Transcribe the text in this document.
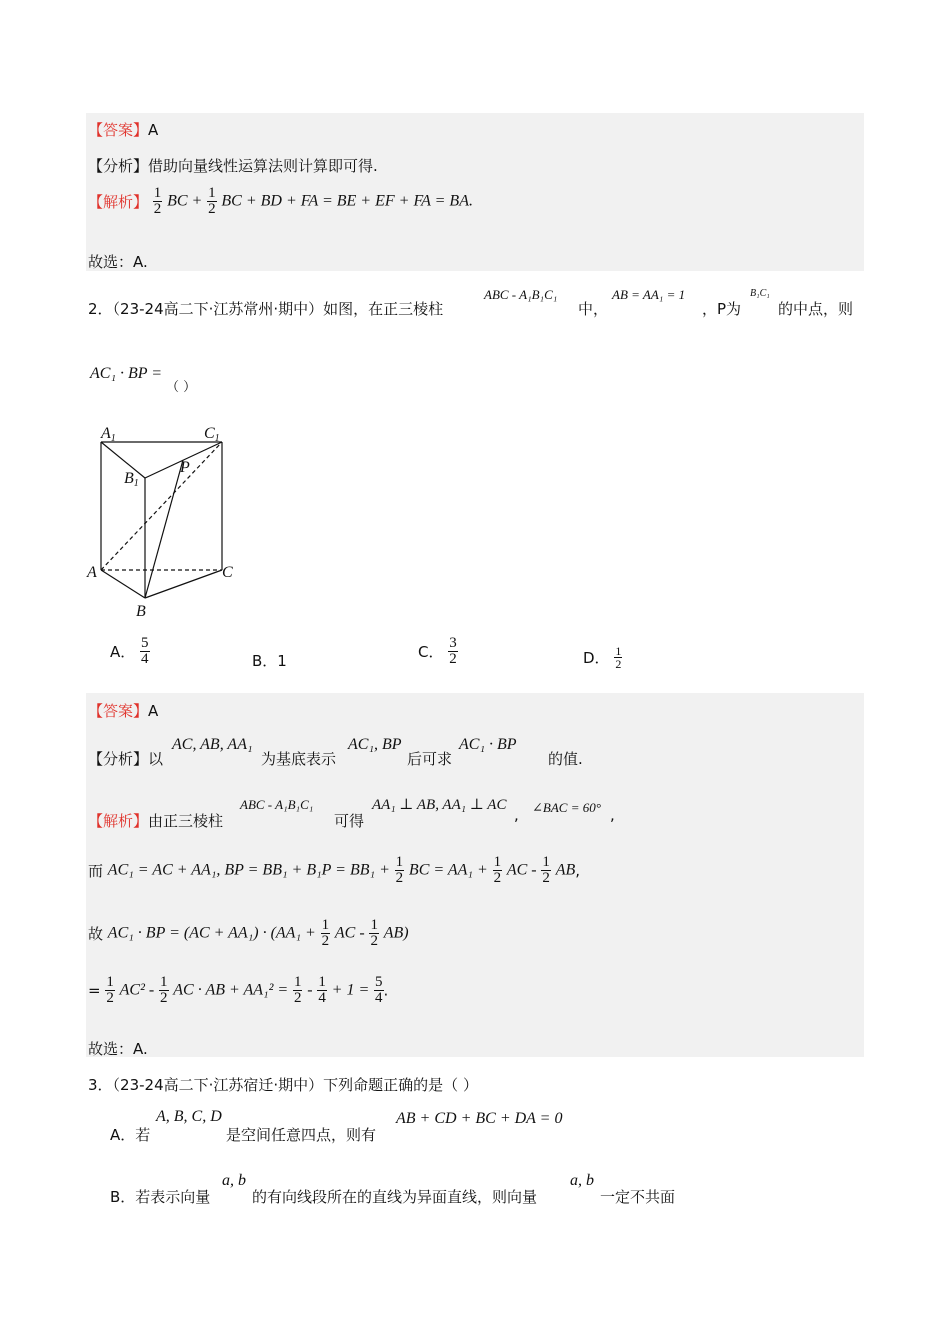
【答案】A
【分析】借助向量线性运算法则计算即可得.
【解析】 $\frac{1}{2}$ BC + $\frac{1}{2}$ BC + BD + FA = BE + EF + FA = BA.
故选：A.
2．（23-24高二下·江苏常州·期中）如图，在正三棱柱
ABC - A₁B₁C₁
中，
AB = AA₁ = 1
，P为
B₁C₁
的中点，则
AC₁ · BP =
（ ）
A1	C1
B1
P
A	C
B
A． $\frac{5}{4}$	B．1	C． $\frac{3}{2}$	D． $\frac{1}{2}$
【答案】A
【分析】以
AC, AB, AA₁
为基底表示
AC₁, BP
后可求
AC₁ · BP
的值.
【解析】由正三棱柱
ABC - A₁B₁C₁
可得
AA₁ ⊥ AB, AA₁ ⊥ AC
, ∠BAC = 60° ,
而 AC₁ = AC + AA₁, BP = $BB_1 + B_1P = BB_1 + \frac{1}{2}$ BC = $AA_1 + \frac{1}{2}$ AC - $\frac{1}{2}$ AB,
故 AC₁ · BP = $(AC + AA_1) \cdot (AA_1 + \frac{1}{2}$ AC - $\frac{1}{2} AB$)
= $\frac{1}{2} AC^2 - \frac{1}{2}$ AC · AB + $AA_1^2 = \frac{1}{2} - \frac{1}{4} + 1 = \frac{5}{4}$ .
故选：A.
3．（23-24高二下·江苏宿迁·期中）下列命题正确的是（ ）
A．若
A, B, C, D
是空间任意四点，则有
AB + CD + BC + DA = 0
B．若表示向量
a, b
的有向线段所在的直线为异面直线，则向量
a, b
一定不共面
